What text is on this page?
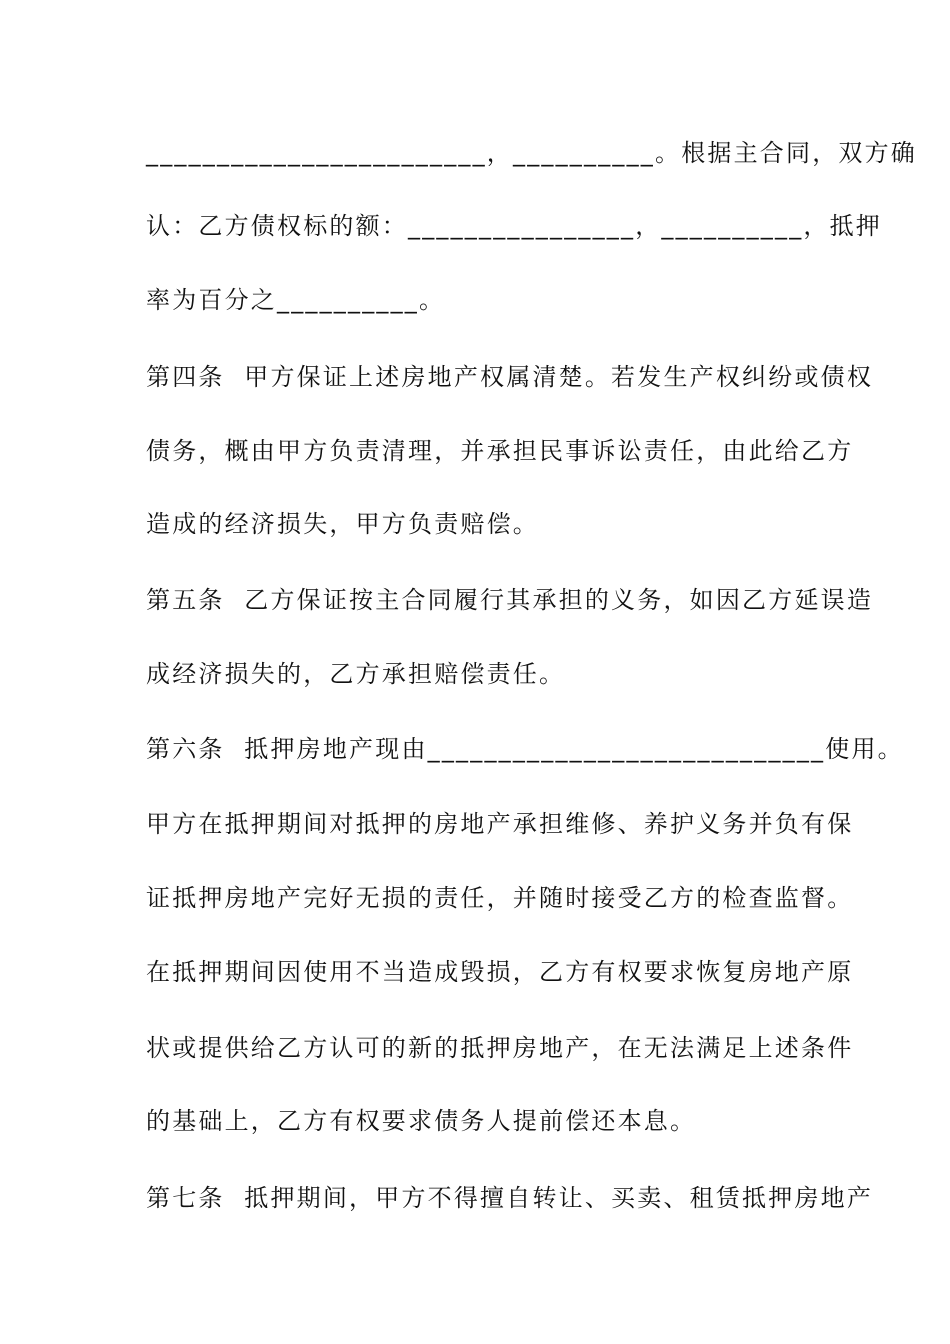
________________________，__________。根据主合同，双方确
认：乙方债权标的额：________________，__________，抵押
率为百分之__________。
第四条  甲方保证上述房地产权属清楚。若发生产权纠纷或债权
债务，概由甲方负责清理，并承担民事诉讼责任，由此给乙方
造成的经济损失，甲方负责赔偿。
第五条  乙方保证按主合同履行其承担的义务，如因乙方延误造
成经济损失的，乙方承担赔偿责任。
第六条  抵押房地产现由____________________________使用。
甲方在抵押期间对抵押的房地产承担维修、养护义务并负有保
证抵押房地产完好无损的责任，并随时接受乙方的检查监督。
在抵押期间因使用不当造成毁损，乙方有权要求恢复房地产原
状或提供给乙方认可的新的抵押房地产，在无法满足上述条件
的基础上，乙方有权要求债务人提前偿还本息。
第七条  抵押期间，甲方不得擅自转让、买卖、租赁抵押房地产
